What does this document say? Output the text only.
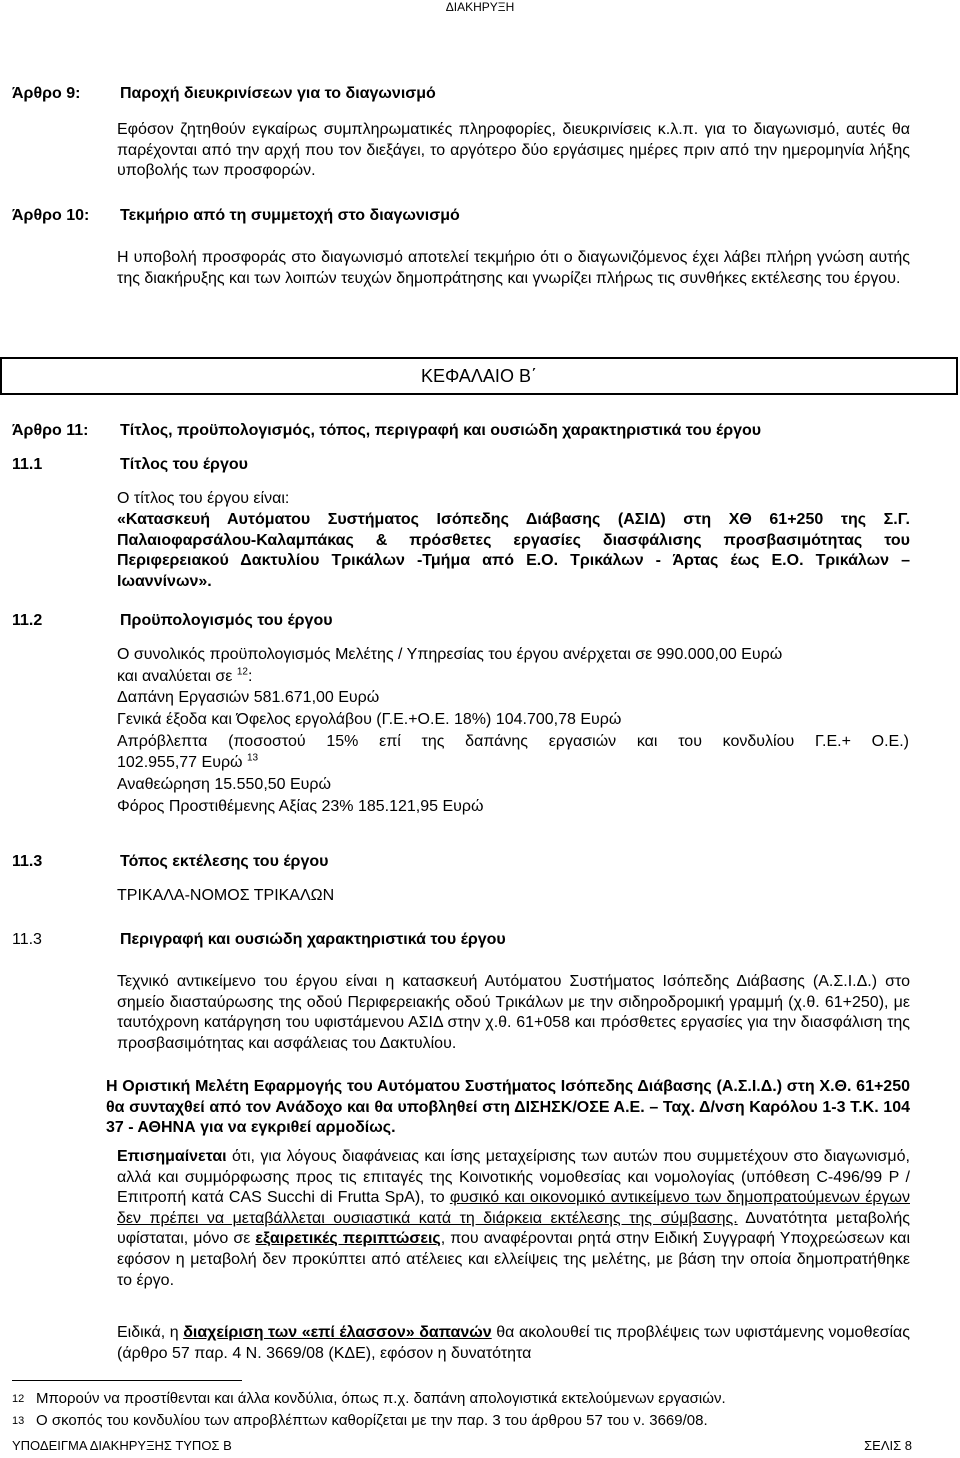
ΔΙΑΚΗΡΥΞΗ
Άρθρο 9: Παροχή διευκρινίσεων για το διαγωνισμό
Εφόσον ζητηθούν εγκαίρως συμπληρωματικές πληροφορίες, διευκρινίσεις κ.λ.π. για το διαγωνισμό, αυτές θα παρέχονται από την αρχή που τον διεξάγει, το αργότερο δύο εργάσιμες ημέρες πριν από την ημερομηνία λήξης υποβολής των προσφορών.
Άρθρο 10: Τεκμήριο από τη συμμετοχή στο διαγωνισμό
Η υποβολή προσφοράς στο διαγωνισμό αποτελεί τεκμήριο ότι ο διαγωνιζόμενος έχει λάβει πλήρη γνώση αυτής της διακήρυξης και των λοιπών τευχών δημοπράτησης και γνωρίζει πλήρως τις συνθήκες εκτέλεσης του έργου.
ΚΕΦΑΛΑΙΟ Β΄
Άρθρο 11: Τίτλος, προϋπολογισμός, τόπος, περιγραφή και ουσιώδη χαρακτηριστικά του έργου
11.1	Τίτλος του έργου
Ο τίτλος του έργου είναι:
«Κατασκευή Αυτόματου Συστήματος Ισόπεδης Διάβασης (ΑΣΙΔ) στη ΧΘ 61+250 της Σ.Γ. Παλαιοφαρσάλου-Καλαμπάκας & πρόσθετες εργασίες διασφάλισης προσβασιμότητας του Περιφερειακού Δακτυλίου Τρικάλων -Τμήμα από Ε.Ο. Τρικάλων - Άρτας έως Ε.Ο. Τρικάλων – Ιωαννίνων».
11.2	Προϋπολογισμός του έργου
Ο συνολικός προϋπολογισμός Μελέτης / Υπηρεσίας του έργου ανέρχεται σε 990.000,00 Ευρώ
και αναλύεται σε $^{12}$:
Δαπάνη Εργασιών 581.671,00 Ευρώ
Γενικά έξοδα και Όφελος εργολάβου (Γ.Ε.+Ο.Ε. 18%) 104.700,78 Ευρώ
Απρόβλεπτα (ποσοστού 15% επί της δαπάνης εργασιών και του κονδυλίου Γ.Ε.+ Ο.Ε.)
102.955,77 Ευρώ $^{13}$
Αναθεώρηση 15.550,50 Ευρώ
Φόρος Προστιθέμενης Αξίας 23% 185.121,95 Ευρώ
11.3	Τόπος εκτέλεσης του έργου
ΤΡΙΚΑΛΑ-ΝΟΜΟΣ ΤΡΙΚΑΛΩΝ
11.3	Περιγραφή και ουσιώδη χαρακτηριστικά του έργου
Τεχνικό αντικείμενο του έργου είναι η κατασκευή Αυτόματου Συστήματος Ισόπεδης Διάβασης (Α.Σ.Ι.Δ.) στο σημείο διασταύρωσης της οδού Περιφερειακής οδού Τρικάλων με την σιδηροδρομική γραμμή (χ.θ. 61+250), με ταυτόχρονη κατάργηση του υφιστάμενου ΑΣΙΔ στην χ.θ. 61+058 και πρόσθετες εργασίες για την διασφάλιση της προσβασιμότητας και ασφάλειας του Δακτυλίου.
Η Οριστική Μελέτη Εφαρμογής του Αυτόματου Συστήματος Ισόπεδης Διάβασης (Α.Σ.Ι.Δ.) στη Χ.Θ. 61+250 θα συνταχθεί από τον Ανάδοχο και θα υποβληθεί στη ΔΙΣΗΣΚ/ΟΣΕ Α.Ε. – Ταχ. Δ/νση Καρόλου 1-3 Τ.Κ. 104 37 - ΑΘΗΝΑ για να εγκριθεί αρμοδίως.
Επισημαίνεται ότι, για λόγους διαφάνειας και ίσης μεταχείρισης των αυτών που συμμετέχουν στο διαγωνισμό, αλλά και συμμόρφωσης προς τις επιταγές της Κοινοτικής νομοθεσίας και νομολογίας (υπόθεση C-496/99 P / Επιτροπή κατά CAS Succhi di Frutta SpA), το φυσικό και οικονομικό αντικείμενο των δημοπρατούμενων έργων δεν πρέπει να μεταβάλλεται ουσιαστικά κατά τη διάρκεια εκτέλεσης της σύμβασης. Δυνατότητα μεταβολής υφίσταται, μόνο σε εξαιρετικές περιπτώσεις, που αναφέρονται ρητά στην Ειδική Συγγραφή Υποχρεώσεων και εφόσον η μεταβολή δεν προκύπτει από ατέλειες και ελλείψεις της μελέτης, με βάση την οποία δημοπρατήθηκε το έργο.
Ειδικά, η διαχείριση των «επί έλασσον» δαπανών θα ακολουθεί τις προβλέψεις των υφιστάμενης νομοθεσίας (άρθρο 57 παρ. 4 Ν. 3669/08 (ΚΔΕ), εφόσον η δυνατότητα
12 Μπορούν να προστίθενται και άλλα κονδύλια, όπως π.χ. δαπάνη απολογιστικά εκτελούμενων εργασιών.
13 Ο σκοπός του κονδυλίου των απροβλέπτων καθορίζεται με την παρ. 3 του άρθρου 57 του ν. 3669/08.
ΥΠΟΔΕΙΓΜΑ ΔΙΑΚΗΡΥΞΗΣ ΤΥΠΟΣ Β	ΣΕΛΙΣ 8
